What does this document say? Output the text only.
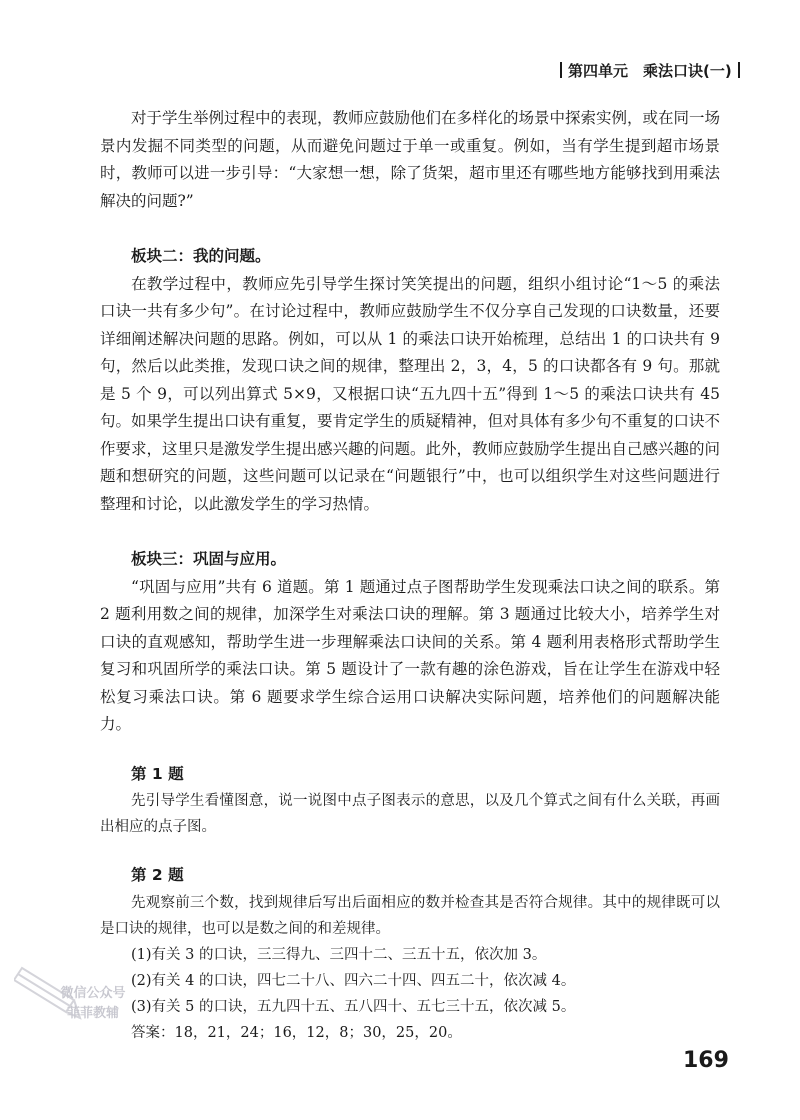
第四单元　乘法口诀(一)

对于学生举例过程中的表现，教师应鼓励他们在多样化的场景中探索实例，或在同一场景内发掘不同类型的问题，从而避免问题过于单一或重复。例如，当有学生提到超市场景时，教师可以进一步引导：“大家想一想，除了货架，超市里还有哪些地方能够找到用乘法解决的问题?”

板块二：我的问题。

在教学过程中，教师应先引导学生探讨笑笑提出的问题，组织小组讨论“1～5 的乘法口诀一共有多少句”。在讨论过程中，教师应鼓励学生不仅分享自己发现的口诀数量，还要详细阐述解决问题的思路。例如，可以从 1 的乘法口诀开始梳理，总结出 1 的口诀共有 9 句，然后以此类推，发现口诀之间的规律，整理出 2，3，4，5 的口诀都各有 9 句。那就是 5 个 9，可以列出算式 5×9，又根据口诀“五九四十五”得到 1～5 的乘法口诀共有 45 句。如果学生提出口诀有重复，要肯定学生的质疑精神，但对具体有多少句不重复的口诀不作要求，这里只是激发学生提出感兴趣的问题。此外，教师应鼓励学生提出自己感兴趣的问题和想研究的问题，这些问题可以记录在“问题银行”中，也可以组织学生对这些问题进行整理和讨论，以此激发学生的学习热情。

板块三：巩固与应用。

“巩固与应用”共有 6 道题。第 1 题通过点子图帮助学生发现乘法口诀之间的联系。第 2 题利用数之间的规律，加深学生对乘法口诀的理解。第 3 题通过比较大小，培养学生对口诀的直观感知，帮助学生进一步理解乘法口诀间的关系。第 4 题利用表格形式帮助学生复习和巩固所学的乘法口诀。第 5 题设计了一款有趣的涂色游戏，旨在让学生在游戏中轻松复习乘法口诀。第 6 题要求学生综合运用口诀解决实际问题，培养他们的问题解决能力。

第 1 题

先引导学生看懂图意，说一说图中点子图表示的意思，以及几个算式之间有什么关联，再画出相应的点子图。

第 2 题

先观察前三个数，找到规律后写出后面相应的数并检查其是否符合规律。其中的规律既可以是口诀的规律，也可以是数之间的和差规律。

(1)有关 3 的口诀，三三得九、三四十二、三五十五，依次加 3。

(2)有关 4 的口诀，四七二十八、四六二十四、四五二十，依次减 4。

(3)有关 5 的口诀，五九四十五、五八四十、五七三十五，依次减 5。

答案：18，21，24；16，12，8；30，25，20。

微信公众号
菲菲教辅
169
